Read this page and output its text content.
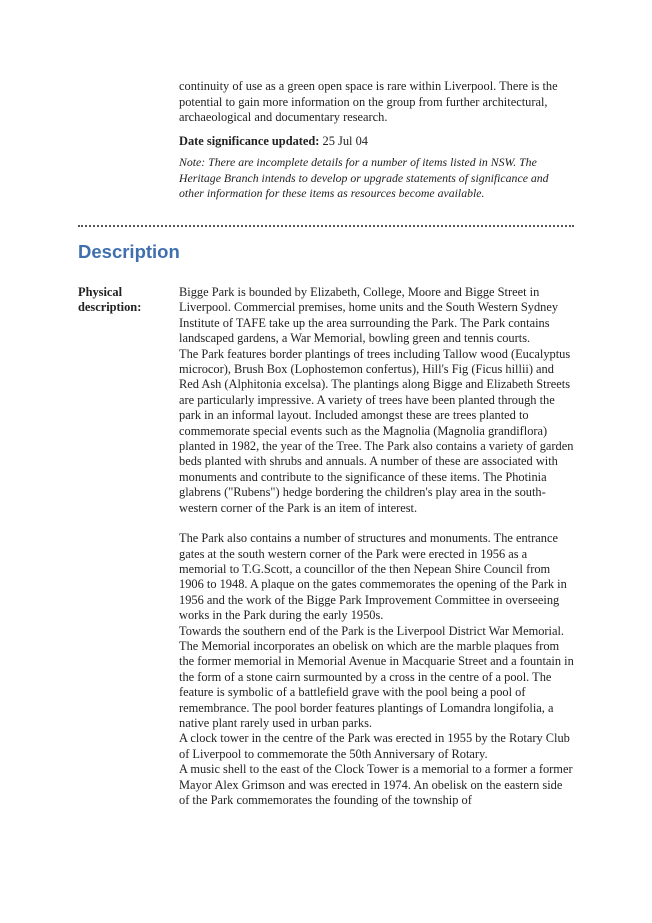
continuity of use as a green open space is rare within Liverpool. There is the potential to gain more information on the group from further architectural, archaeological and documentary research.

Date significance updated: 25 Jul 04

Note: There are incomplete details for a number of items listed in NSW. The Heritage Branch intends to develop or upgrade statements of significance and other information for these items as resources become available.

Description
Physical description:

Bigge Park is bounded by Elizabeth, College, Moore and Bigge Street in Liverpool. Commercial premises, home units and the South Western Sydney Institute of TAFE take up the area surrounding the Park. The Park contains landscaped gardens, a War Memorial, bowling green and tennis courts.

The Park features border plantings of trees including Tallow wood (Eucalyptus microcor), Brush Box (Lophostemon confertus), Hill's Fig (Ficus hillii) and Red Ash (Alphitonia excelsa). The plantings along Bigge and Elizabeth Streets are particularly impressive. A variety of trees have been planted through the park in an informal layout. Included amongst these are trees planted to commemorate special events such as the Magnolia (Magnolia grandiflora) planted in 1982, the year of the Tree. The Park also contains a variety of garden beds planted with shrubs and annuals. A number of these are associated with monuments and contribute to the significance of these items. The Photinia glabrens ("Rubens") hedge bordering the children's play area in the south-western corner of the Park is an item of interest.

The Park also contains a number of structures and monuments. The entrance gates at the south western corner of the Park were erected in 1956 as a memorial to T.G.Scott, a councillor of the then Nepean Shire Council from 1906 to 1948. A plaque on the gates commemorates the opening of the Park in 1956 and the work of the Bigge Park Improvement Committee in overseeing works in the Park during the early 1950s.

Towards the southern end of the Park is the Liverpool District War Memorial. The Memorial incorporates an obelisk on which are the marble plaques from the former memorial in Memorial Avenue in Macquarie Street and a fountain in the form of a stone cairn surmounted by a cross in the centre of a pool. The feature is symbolic of a battlefield grave with the pool being a pool of remembrance. The pool border features plantings of Lomandra longifolia, a native plant rarely used in urban parks.

A clock tower in the centre of the Park was erected in 1955 by the Rotary Club of Liverpool to commemorate the 50th Anniversary of Rotary.

A music shell to the east of the Clock Tower is a memorial to a former a former Mayor Alex Grimson and was erected in 1974. An obelisk on the eastern side of the Park commemorates the founding of the township of
